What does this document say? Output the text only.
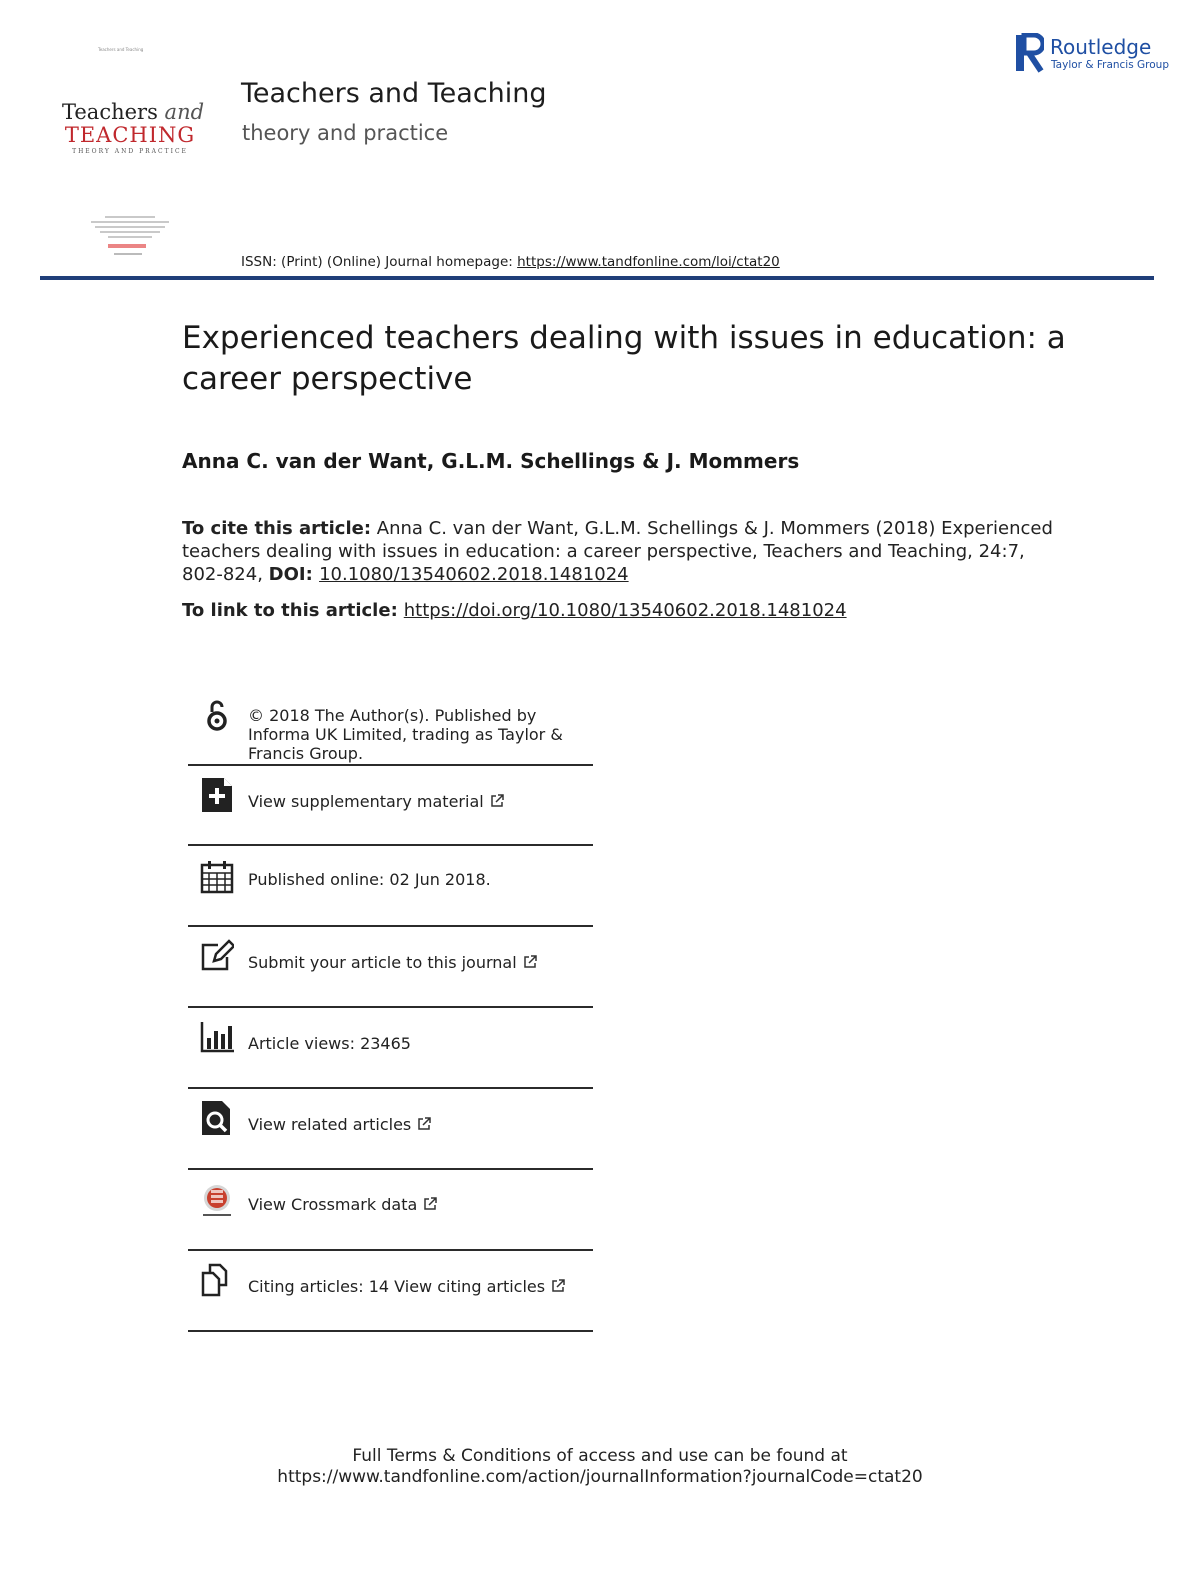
Teachers and Teaching
Teachers and
TEACHING
THEORY AND PRACTICE
Teachers and Teaching
theory and practice
Routledge
Taylor & Francis Group
ISSN: (Print) (Online) Journal homepage: https://www.tandfonline.com/loi/ctat20
Experienced teachers dealing with issues in education: a career perspective
Anna C. van der Want, G.L.M. Schellings & J. Mommers
To cite this article: Anna C. van der Want, G.L.M. Schellings & J. Mommers (2018) Experienced teachers dealing with issues in education: a career perspective, Teachers and Teaching, 24:7, 802-824, DOI: 10.1080/13540602.2018.1481024
To link to this article: https://doi.org/10.1080/13540602.2018.1481024
© 2018 The Author(s). Published by Informa UK Limited, trading as Taylor & Francis Group.
View supplementary material
Published online: 02 Jun 2018.
Submit your article to this journal
Article views: 23465
View related articles
View Crossmark data
Citing articles: 14 View citing articles
Full Terms & Conditions of access and use can be found at
https://www.tandfonline.com/action/journalInformation?journalCode=ctat20
